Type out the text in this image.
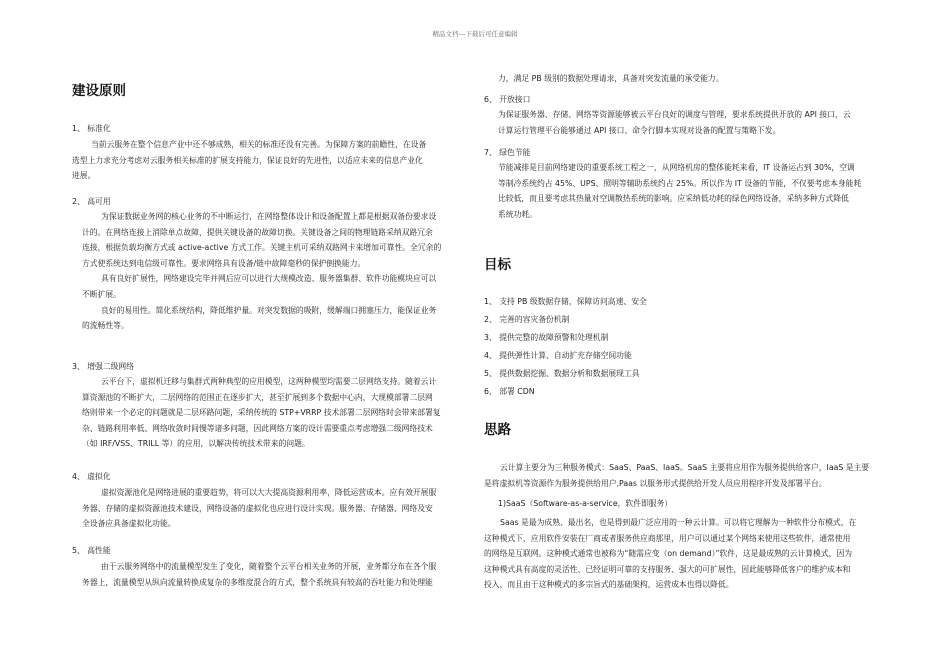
精品文档---下载后可任意编辑
建设原则
1、 标准化
当前云服务在整个信息产业中还不够成熟，相关的标准还没有完善。为保障方案的前瞻性，在设备
选型上力求充分考虑对云服务相关标准的扩展支持能力，保证良好的先进性，以适应未来的信息产业化
进展。
2、 高可用
为保证数据业务网的核心业务的不中断运行，在网络整体设计和设备配置上都是根据双备份要求设
计的。在网络连接上消除单点故障，提供关键设备的故障切换。关键设备之间的物理链路采纳双路冗余
连接，根据负载均衡方式或 active-active 方式工作。关键主机可采纳双路网卡来增加可靠性。全冗余的
方式使系统达到电信级可靠性。要求网络具有设备/链中故障毫秒的保护倒换能力。
具有良好扩展性，网络建设完毕并网后应可以进行大规模改造、服务器集群、软件功能模块应可以
不断扩展。
良好的易用性。简化系统结构，降低维护量。对突发数据的吸附，缓解端口拥塞压力，能保证业务
的流畅性等。
3、 增强二级网络
云平台下，虚拟机迁移与集群式两种典型的应用模型，这两种模型均需要二层网络支持。随着云计
算资源池的不断扩大，二层网络的范围正在逐步扩大，甚至扩展到多个数据中心内，大规模部署二层网
络则带来一个必定的问题就是二层环路问题，采纳传统的 STP+VRRP 技术部署二层网络时会带来部署复
杂、链路利用率低、网络收敛时间慢等诸多问题，因此网络方案的设计需要重点考虑增强二级网络技术
（如 IRF/VSS、TRILL 等）的应用，以解决传统技术带来的问题。
4、 虚拟化
虚拟资源池化是网络进展的重要趋势，将可以大大提高资源利用率，降低运营成本。应有效开展服
务器、存储的虚拟资源池技术建设，网络设备的虚拟化也应进行设计实现。服务器、存储器、网络及安
全设备应具备虚拟化功能。
5、 高性能
由于云服务网络中的流量模型发生了变化，随着整个云平台相关业务的开展，业务都分布在各个服
务器上，流量模型从纵向流量转换成复杂的多维度混合的方式，整个系统具有较高的吞吐能力和处理能
力，满足 PB 级别的数据处理请求，具备对突发流量的承受能力。
6、 开放接口
为保证服务器、存储、网络等资源能够被云平台良好的调度与管理，要求系统提供开放的 API 接口，云
计算运行管理平台能够通过 API 接口、命令行脚本实现对设备的配置与策略下发。
7、 绿色节能
节能减排是目前网络建设的重要系统工程之一，从网络机房的整体能耗来看，IT 设备运占到 30%，空调
等制冷系统约占 45%、UPS、照明等辅助系统约占 25%。所以作为 IT 设备的节能，不仅要考虑本身能耗
比较低，而且要考虑其热量对空调散热系统的影响。应采纳低功耗的绿色网络设备，采纳多种方式降低
系统功耗。
目标
1、 支持 PB 级数据存储，保障访问高速、安全
2、 完善的容灾备份机制
3、 提供完整的故障预警和处理机制
4、 提供弹性计算、自动扩充存储空间功能
5、 提供数据挖掘、数据分析和数据展现工具
6、 部署 CDN
思路
云计算主要分为三种服务模式：SaaS、PaaS、IaaS。SaaS 主要将应用作为服务提供给客户，IaaS 是主要
是将虚拟机等资源作为服务提供给用户,Paas 以服务形式提供给开发人员应用程序开发及部署平台。
1)SaaS（Software-as-a-service，软件即服务）
Saas 是最为成熟、最出名，也是得到最广泛应用的一种云计算。可以将它理解为一种软件分布模式，在
这种模式下，应用软件安装在厂商或者服务供应商那里，用户可以通过某个网络来使用这些软件，通常使用
的网络是互联网。这种模式通常也被称为“随需应变（on demand）”软件，这是最成熟的云计算模式，因为
这种模式具有高度的灵活性、已经证明可靠的支持服务、强大的可扩展性，因此能够降低客户的维护成本和
投入，而且由于这种模式的多宗旨式的基础架构，运营成本也得以降低。
